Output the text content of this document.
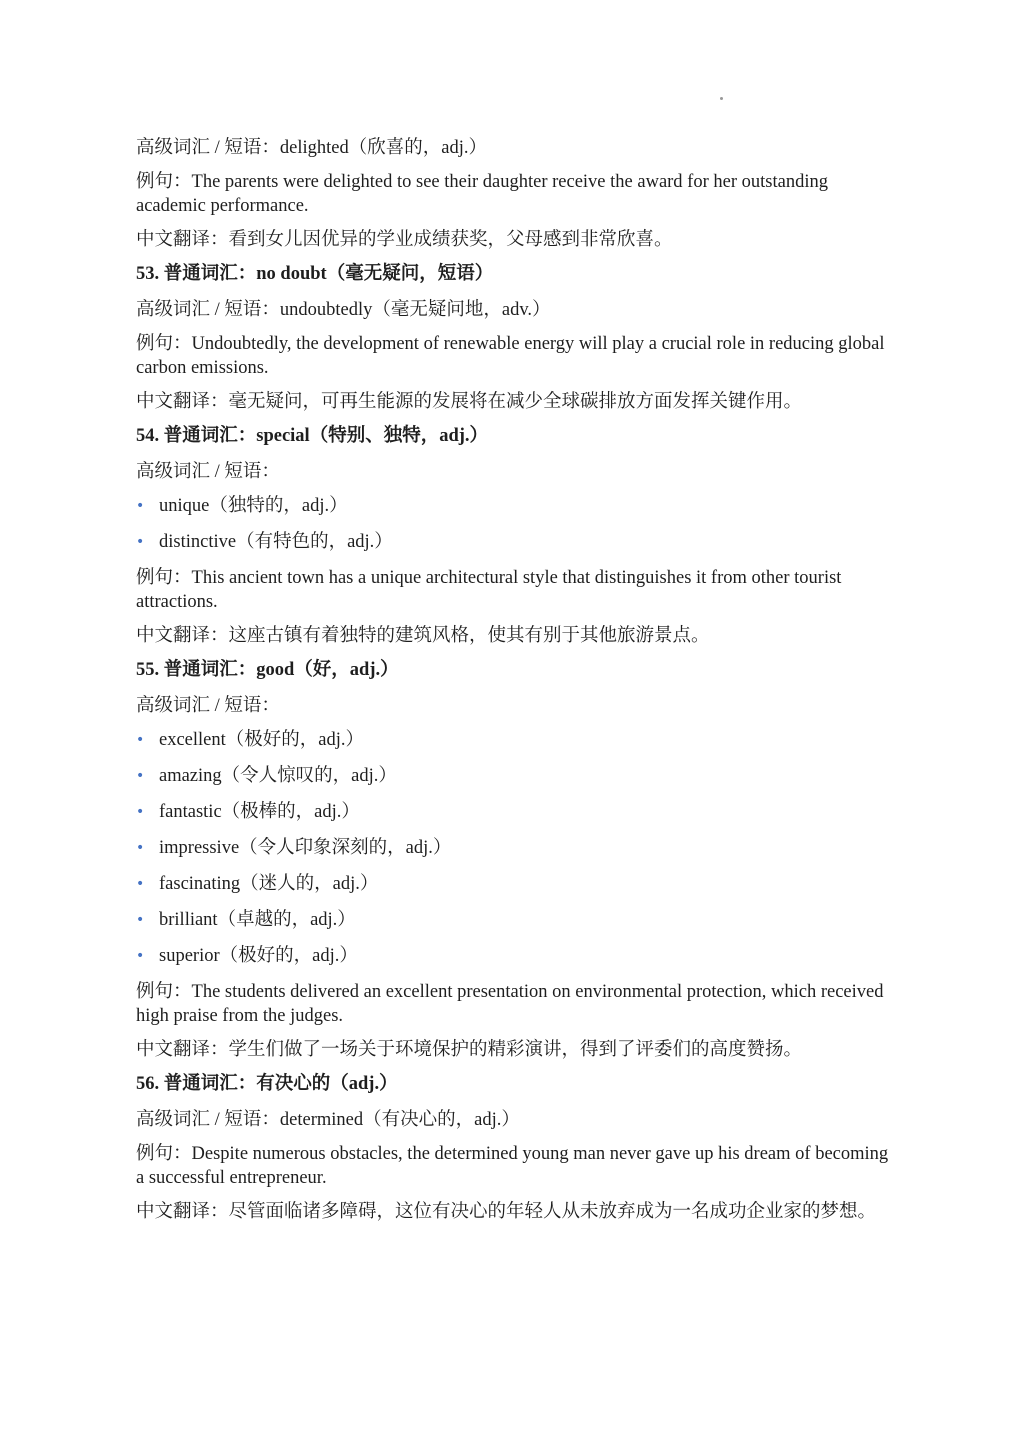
高级词汇 / 短语：delighted（欣喜的，adj.）

例句：The parents were delighted to see their daughter receive the award for her outstanding academic performance.

中文翻译：看到女儿因优异的学业成绩获奖，父母感到非常欣喜。

53. 普通词汇：no doubt（毫无疑问，短语）

高级词汇 / 短语：undoubtedly（毫无疑问地，adv.）

例句：Undoubtedly, the development of renewable energy will play a crucial role in reducing global carbon emissions.

中文翻译：毫无疑问，可再生能源的发展将在减少全球碳排放方面发挥关键作用。

54. 普通词汇：special（特别、独特，adj.）

高级词汇 / 短语：

• unique（独特的，adj.）

• distinctive（有特色的，adj.）

例句：This ancient town has a unique architectural style that distinguishes it from other tourist attractions.

中文翻译：这座古镇有着独特的建筑风格，使其有别于其他旅游景点。

55. 普通词汇：good（好，adj.）

高级词汇 / 短语：

• excellent（极好的，adj.）

• amazing（令人惊叹的，adj.）

• fantastic（极棒的，adj.）

• impressive（令人印象深刻的，adj.）

• fascinating（迷人的，adj.）

• brilliant（卓越的，adj.）

• superior（极好的，adj.）

例句：The students delivered an excellent presentation on environmental protection, which received high praise from the judges.

中文翻译：学生们做了一场关于环境保护的精彩演讲，得到了评委们的高度赞扬。

56. 普通词汇：有决心的（adj.）

高级词汇 / 短语：determined（有决心的，adj.）

例句：Despite numerous obstacles, the determined young man never gave up his dream of becoming a successful entrepreneur.

中文翻译：尽管面临诸多障碍，这位有决心的年轻人从未放弃成为一名成功企业家的梦想。
